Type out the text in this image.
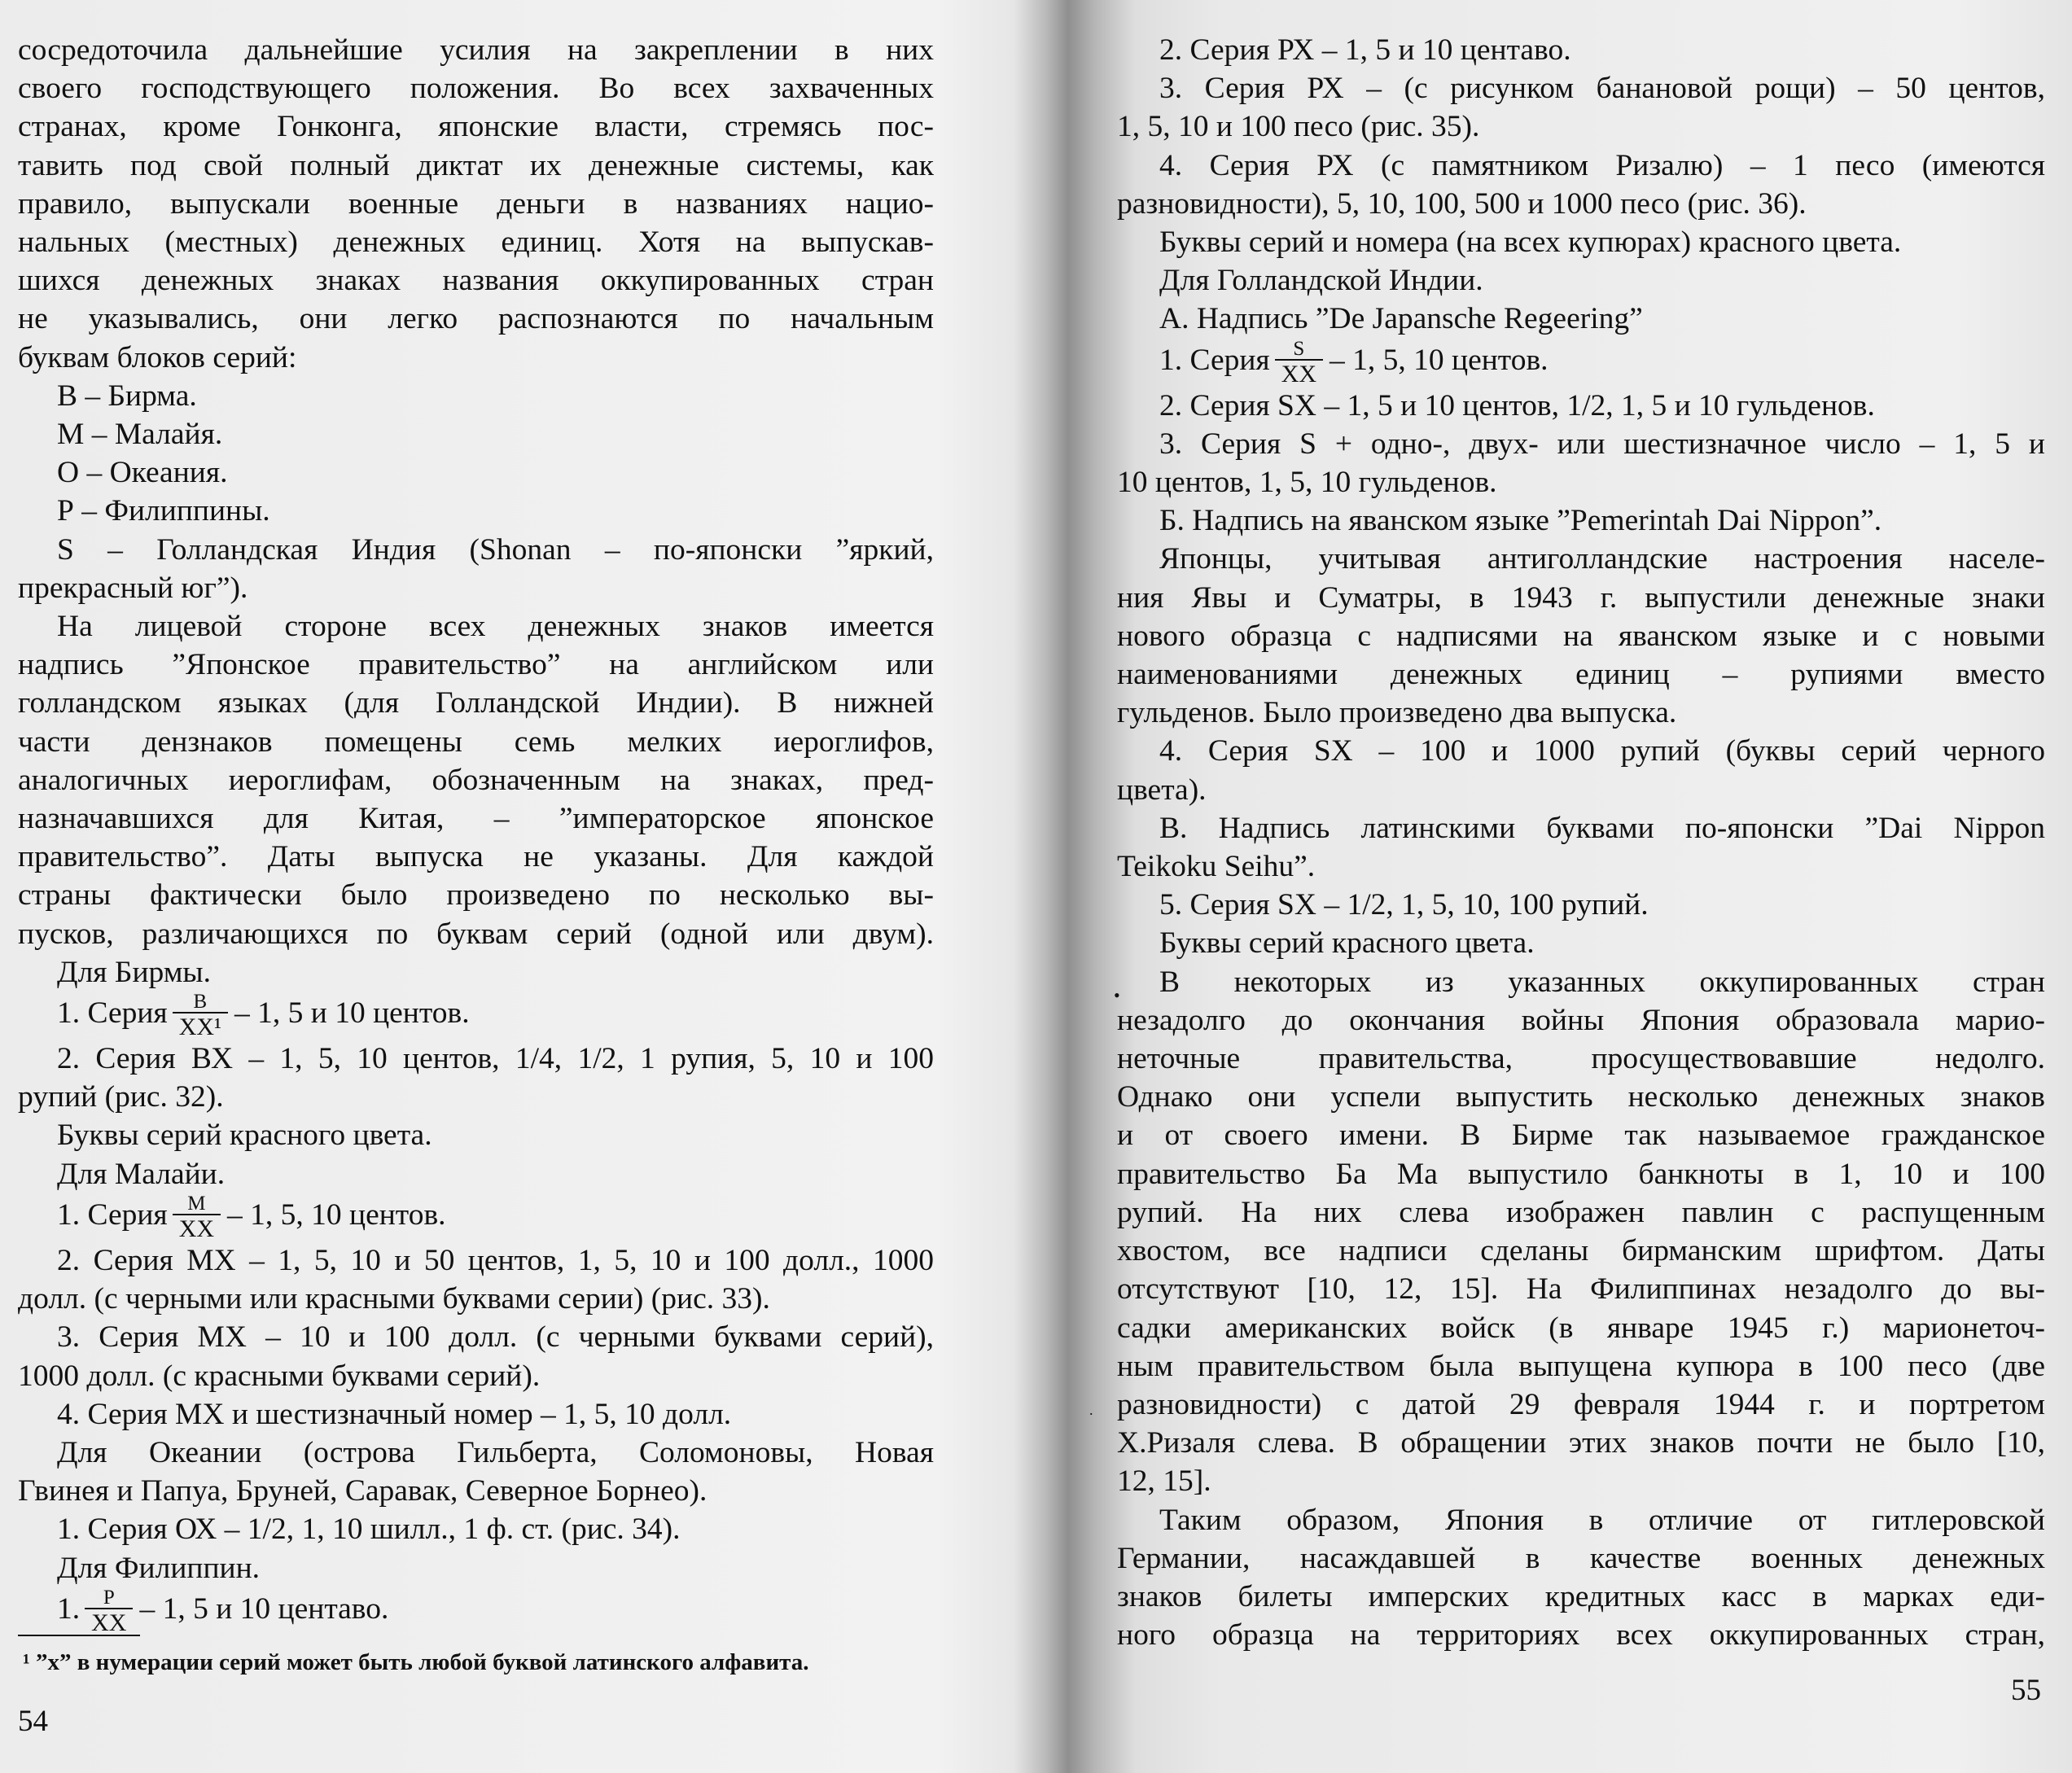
сосредоточила дальнейшие усилия на закреплении в них

своего господствующего положения. Во всех захваченных

странах, кроме Гонконга, японские власти, стремясь пос-

тавить под свой полный диктат их денежные системы, как

правило, выпускали военные деньги в названиях нацио-

нальных (местных) денежных единиц. Хотя на выпускав-

шихся денежных знаках названия оккупированных стран

не указывались, они легко распознаются по начальным

буквам блоков серий:

В – Бирма.

М – Малайя.

О – Океания.

Р – Филиппины.

S – Голландская Индия (Shonan – по-японски ”яркий,

прекрасный юг”).

На лицевой стороне всех денежных знаков имеется

надпись ”Японское правительство” на английском или

голландском языках (для Голландской Индии). В нижней

части дензнаков помещены семь мелких иероглифов,

аналогичных иероглифам, обозначенным на знаках, пред-

назначавшихся для Китая, – ”императорское японское

правительство”. Даты выпуска не указаны. Для каждой

страны фактически было произведено по несколько вы-

пусков, различающихся по буквам серий (одной или двум).

Для Бирмы.

1. Серия $\frac{B}{\text{XX¹}} - 1$, 5 и 10 центов.

2. Серия ВХ – 1, 5, 10 центов, 1/4, 1/2, 1 рупия, 5, 10 и 100

рупий (рис. 32).

Буквы серий красного цвета.

Для Малайи.

1. Серия $\frac{M}{XX} - 1$, 5, 10 центов.

2. Серия МХ – 1, 5, 10 и 50 центов, 1, 5, 10 и 100 долл., 1000

долл. (с черными или красными буквами серии) (рис. 33).

3. Серия МХ – 10 и 100 долл. (с черными буквами серий),

1000 долл. (с красными буквами серий).

4. Серия МХ и шестизначный номер – 1, 5, 10 долл.

Для Океании (острова Гильберта, Соломоновы, Новая

Гвинея и Папуа, Бруней, Саравак, Северное Борнео).

1. Серия ОХ – 1/2, 1, 10 шилл., 1 ф. ст. (рис. 34).

Для Филиппин.

1. $\frac{P}{XX} - 1$, 5 и 10 центаво.

¹ ”х” в нумерации серий может быть любой буквой латинского алфавита.
54

2. Серия РХ – 1, 5 и 10 центаво.

3. Серия РХ – (с рисунком банановой рощи) – 50 центов,

1, 5, 10 и 100 песо (рис. 35).

4. Серия РХ (с памятником Ризалю) – 1 песо (имеются

разновидности), 5, 10, 100, 500 и 1000 песо (рис. 36).

Буквы серий и номера (на всех купюрах) красного цвета.

Для Голландской Индии.

А. Надпись ”De Japansche Regeering”

1. Серия $\frac{S}{XX} - 1$, 5, 10 центов.

2. Серия SХ – 1, 5 и 10 центов, 1/2, 1, 5 и 10 гульденов.

3. Серия S + одно-, двух- или шестизначное число – 1, 5 и

10 центов, 1, 5, 10 гульденов.

Б. Надпись на яванском языке ”Pemerintah Dai Nippon”.

Японцы, учитывая антиголландские настроения населе-

ния Явы и Суматры, в 1943 г. выпустили денежные знаки

нового образца с надписями на яванском языке и с новыми

наименованиями денежных единиц – рупиями вместо

гульденов. Было произведено два выпуска.

4. Серия SХ – 100 и 1000 рупий (буквы серий черного

цвета).

В. Надпись латинскими буквами по-японски ”Dai Nippon

Teikoku Seihu”.

5. Серия SХ – 1/2, 1, 5, 10, 100 рупий.

Буквы серий красного цвета.

В некоторых из указанных оккупированных стран

незадолго до окончания войны Япония образовала марио-

неточные правительства, просуществовавшие недолго.

Однако они успели выпустить несколько денежных знаков

и от своего имени. В Бирме так называемое гражданское

правительство Ба Ма выпустило банкноты в 1, 10 и 100

рупий. На них слева изображен павлин с распущенным

хвостом, все надписи сделаны бирманским шрифтом. Даты

отсутствуют [10, 12, 15]. На Филиппинах незадолго до вы-

садки американских войск (в январе 1945 г.) марионеточ-

ным правительством была выпущена купюра в 100 песо (две

разновидности) с датой 29 февраля 1944 г. и портретом

Х.Ризаля слева. В обращении этих знаков почти не было [10,

12, 15].

Таким образом, Япония в отличие от гитлеровской

Германии, насаждавшей в качестве военных денежных

знаков билеты имперских кредитных касс в марках еди-

ного образца на территориях всех оккупированных стран,

•
.
55
